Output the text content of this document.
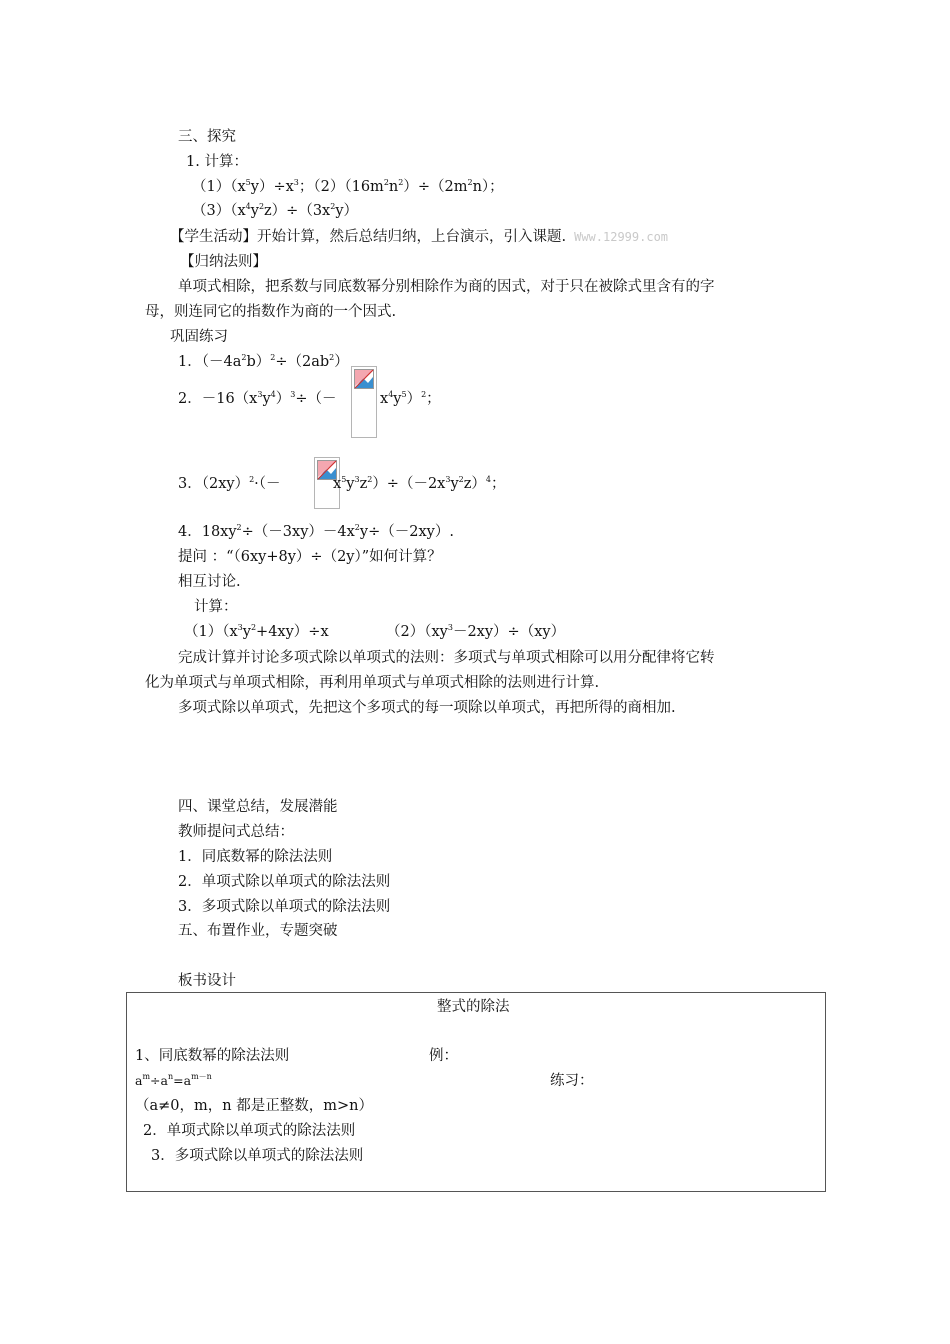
三、探究
1. 计算：
$(1)(x^5y)\div x^3$；$(2)(16m^2n^2)\div(2m^2n)$；
$(3)(x^4y^2z)\div(3x^2y)$
【学生活动】开始计算，然后总结归纳，上台演示，引入课题. Www.12999.com
【归纳法则】
单项式相除，把系数与同底数幂分别相除作为商的因式，对于只在被除式里含有的字
母，则连同它的指数作为商的一个因式.
巩固练习
1．$(-4a^2b)^2\div(2ab^2)$
2．$-16(x^3y^4)^3\div(-$	$x^4y^5)^2$；
3．$(2xy)^2\cdot(-$	$x^5y^3z^2)\div(-2x^3y^2z)^4$；
4．$18xy^2\div(-3xy)-4x^2y\div(-2xy)$.
提问 ：“（6xy+8y）÷（2y）”如何计算？
相互讨论.
计算：
$(1)(x^3y^2+4xy)\div x$	$(2)(xy^3-2xy)\div(xy)$
完成计算并讨论多项式除以单项式的法则：多项式与单项式相除可以用分配律将它转
化为单项式与单项式相除，再利用单项式与单项式相除的法则进行计算.
多项式除以单项式，先把这个多项式的每一项除以单项式，再把所得的商相加.
四、课堂总结，发展潜能
教师提问式总结：
1．同底数幂的除法法则
2．单项式除以单项式的除法法则
3．多项式除以单项式的除法法则
五、布置作业，专题突破
板书设计
整式的除法
1、同底数幂的除法法则	例：
$a^m\div a^n=a^{m-n}$	练习：
（a≠0，m，n 都是正整数，m>n）
2．单项式除以单项式的除法法则
3．多项式除以单项式的除法法则
